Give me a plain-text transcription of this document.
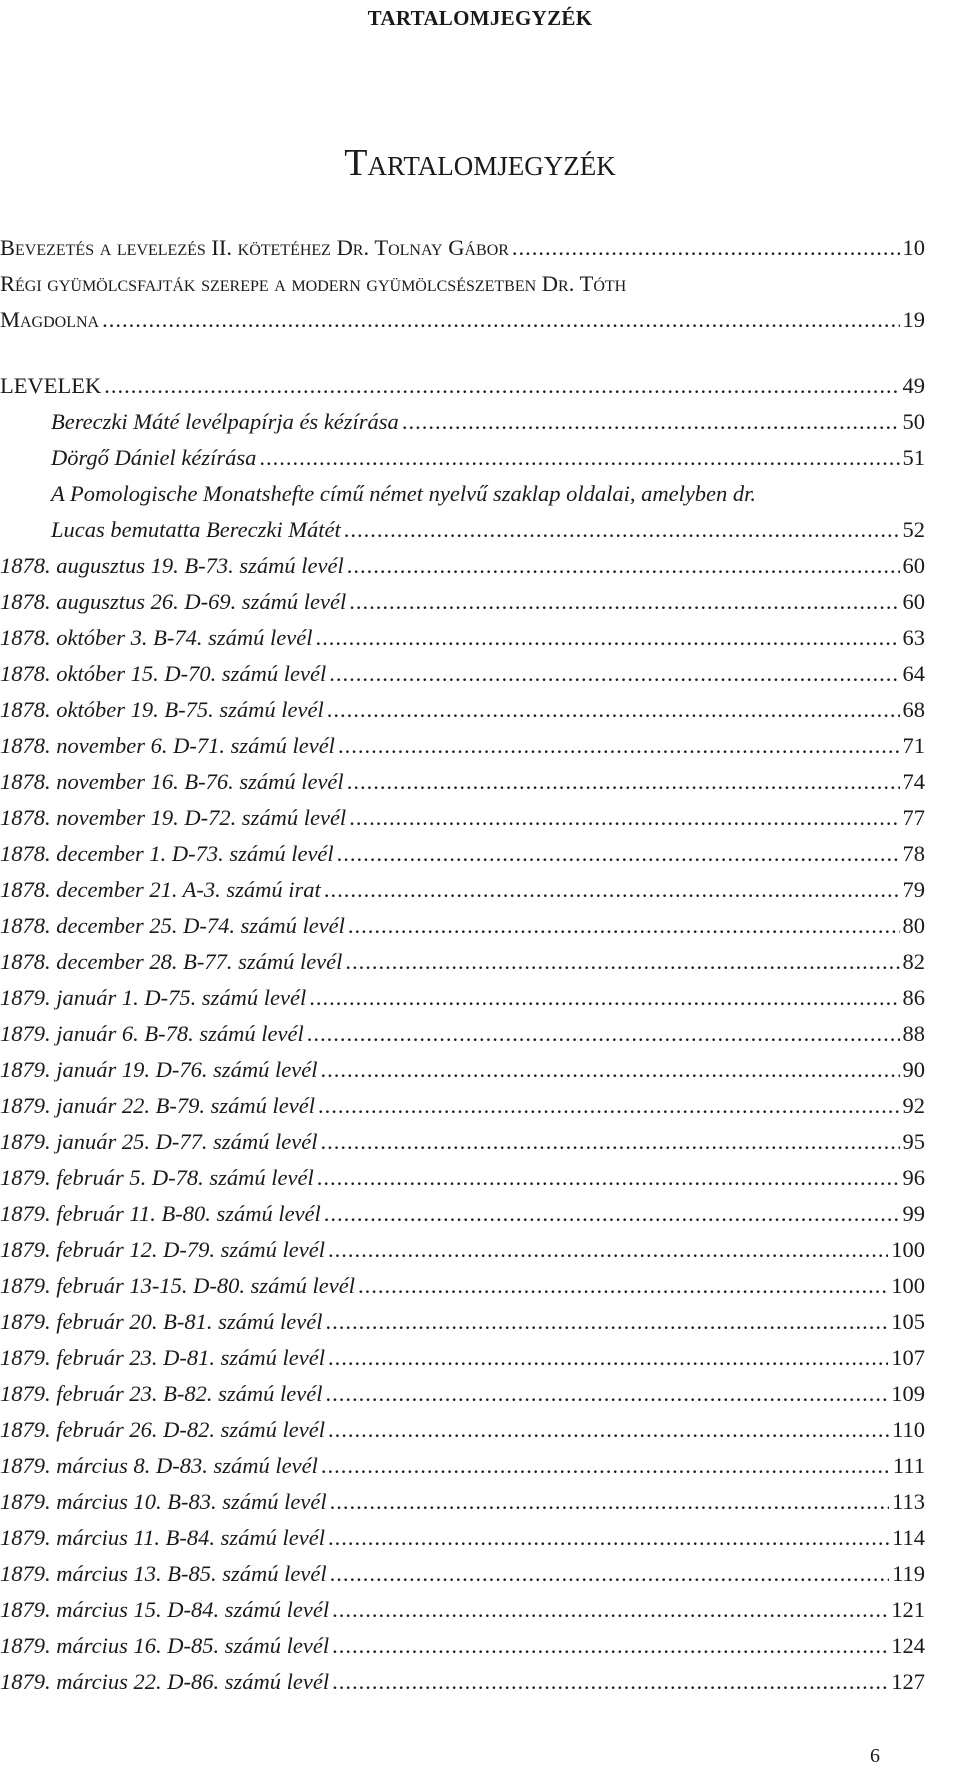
TARTALOMJEGYZÉK
Tartalomjegyzék
Bevezetés a levelezés II. kötetéhez Dr. Tolnay Gábor .....	10
Régi gyümölcsfajták szerepe a modern gyümölcsészetben Dr. Tóth
Magdolna .....	19
LEVELEK .....	49
Bereczki Máté levélpapírja és kézírása .....	50
Dörgő Dániel kézírása .....	51
A Pomologische Monatshefte című német nyelvű szaklap oldalai, amelyben dr.
Lucas bemutatta Bereczki Mátét .....	52
1878. augusztus 19. B-73. számú levél .....	60
1878. augusztus 26. D-69. számú levél .....	60
1878. október 3. B-74. számú levél .....	63
1878. október 15. D-70. számú levél .....	64
1878. október 19. B-75. számú levél .....	68
1878. november 6. D-71. számú levél .....	71
1878. november 16. B-76. számú levél .....	74
1878. november 19. D-72. számú levél .....	77
1878. december 1. D-73. számú levél .....	78
1878. december 21. A-3. számú irat .....	79
1878. december 25. D-74. számú levél .....	80
1878. december 28. B-77. számú levél .....	82
1879. január 1. D-75. számú levél .....	86
1879. január 6. B-78. számú levél .....	88
1879. január 19. D-76. számú levél .....	90
1879. január 22. B-79. számú levél .....	92
1879. január 25. D-77. számú levél .....	95
1879. február 5. D-78. számú levél .....	96
1879. február 11. B-80. számú levél .....	99
1879. február 12. D-79. számú levél .....	100
1879. február 13-15. D-80. számú levél .....	100
1879. február 20. B-81. számú levél .....	105
1879. február 23. D-81. számú levél .....	107
1879. február 23. B-82. számú levél .....	109
1879. február 26. D-82. számú levél .....	110
1879. március 8. D-83. számú levél .....	111
1879. március 10. B-83. számú levél .....	113
1879. március 11. B-84. számú levél .....	114
1879. március 13. B-85. számú levél .....	119
1879. március 15. D-84. számú levél .....	121
1879. március 16. D-85. számú levél .....	124
1879. március 22. D-86. számú levél .....	127
6
